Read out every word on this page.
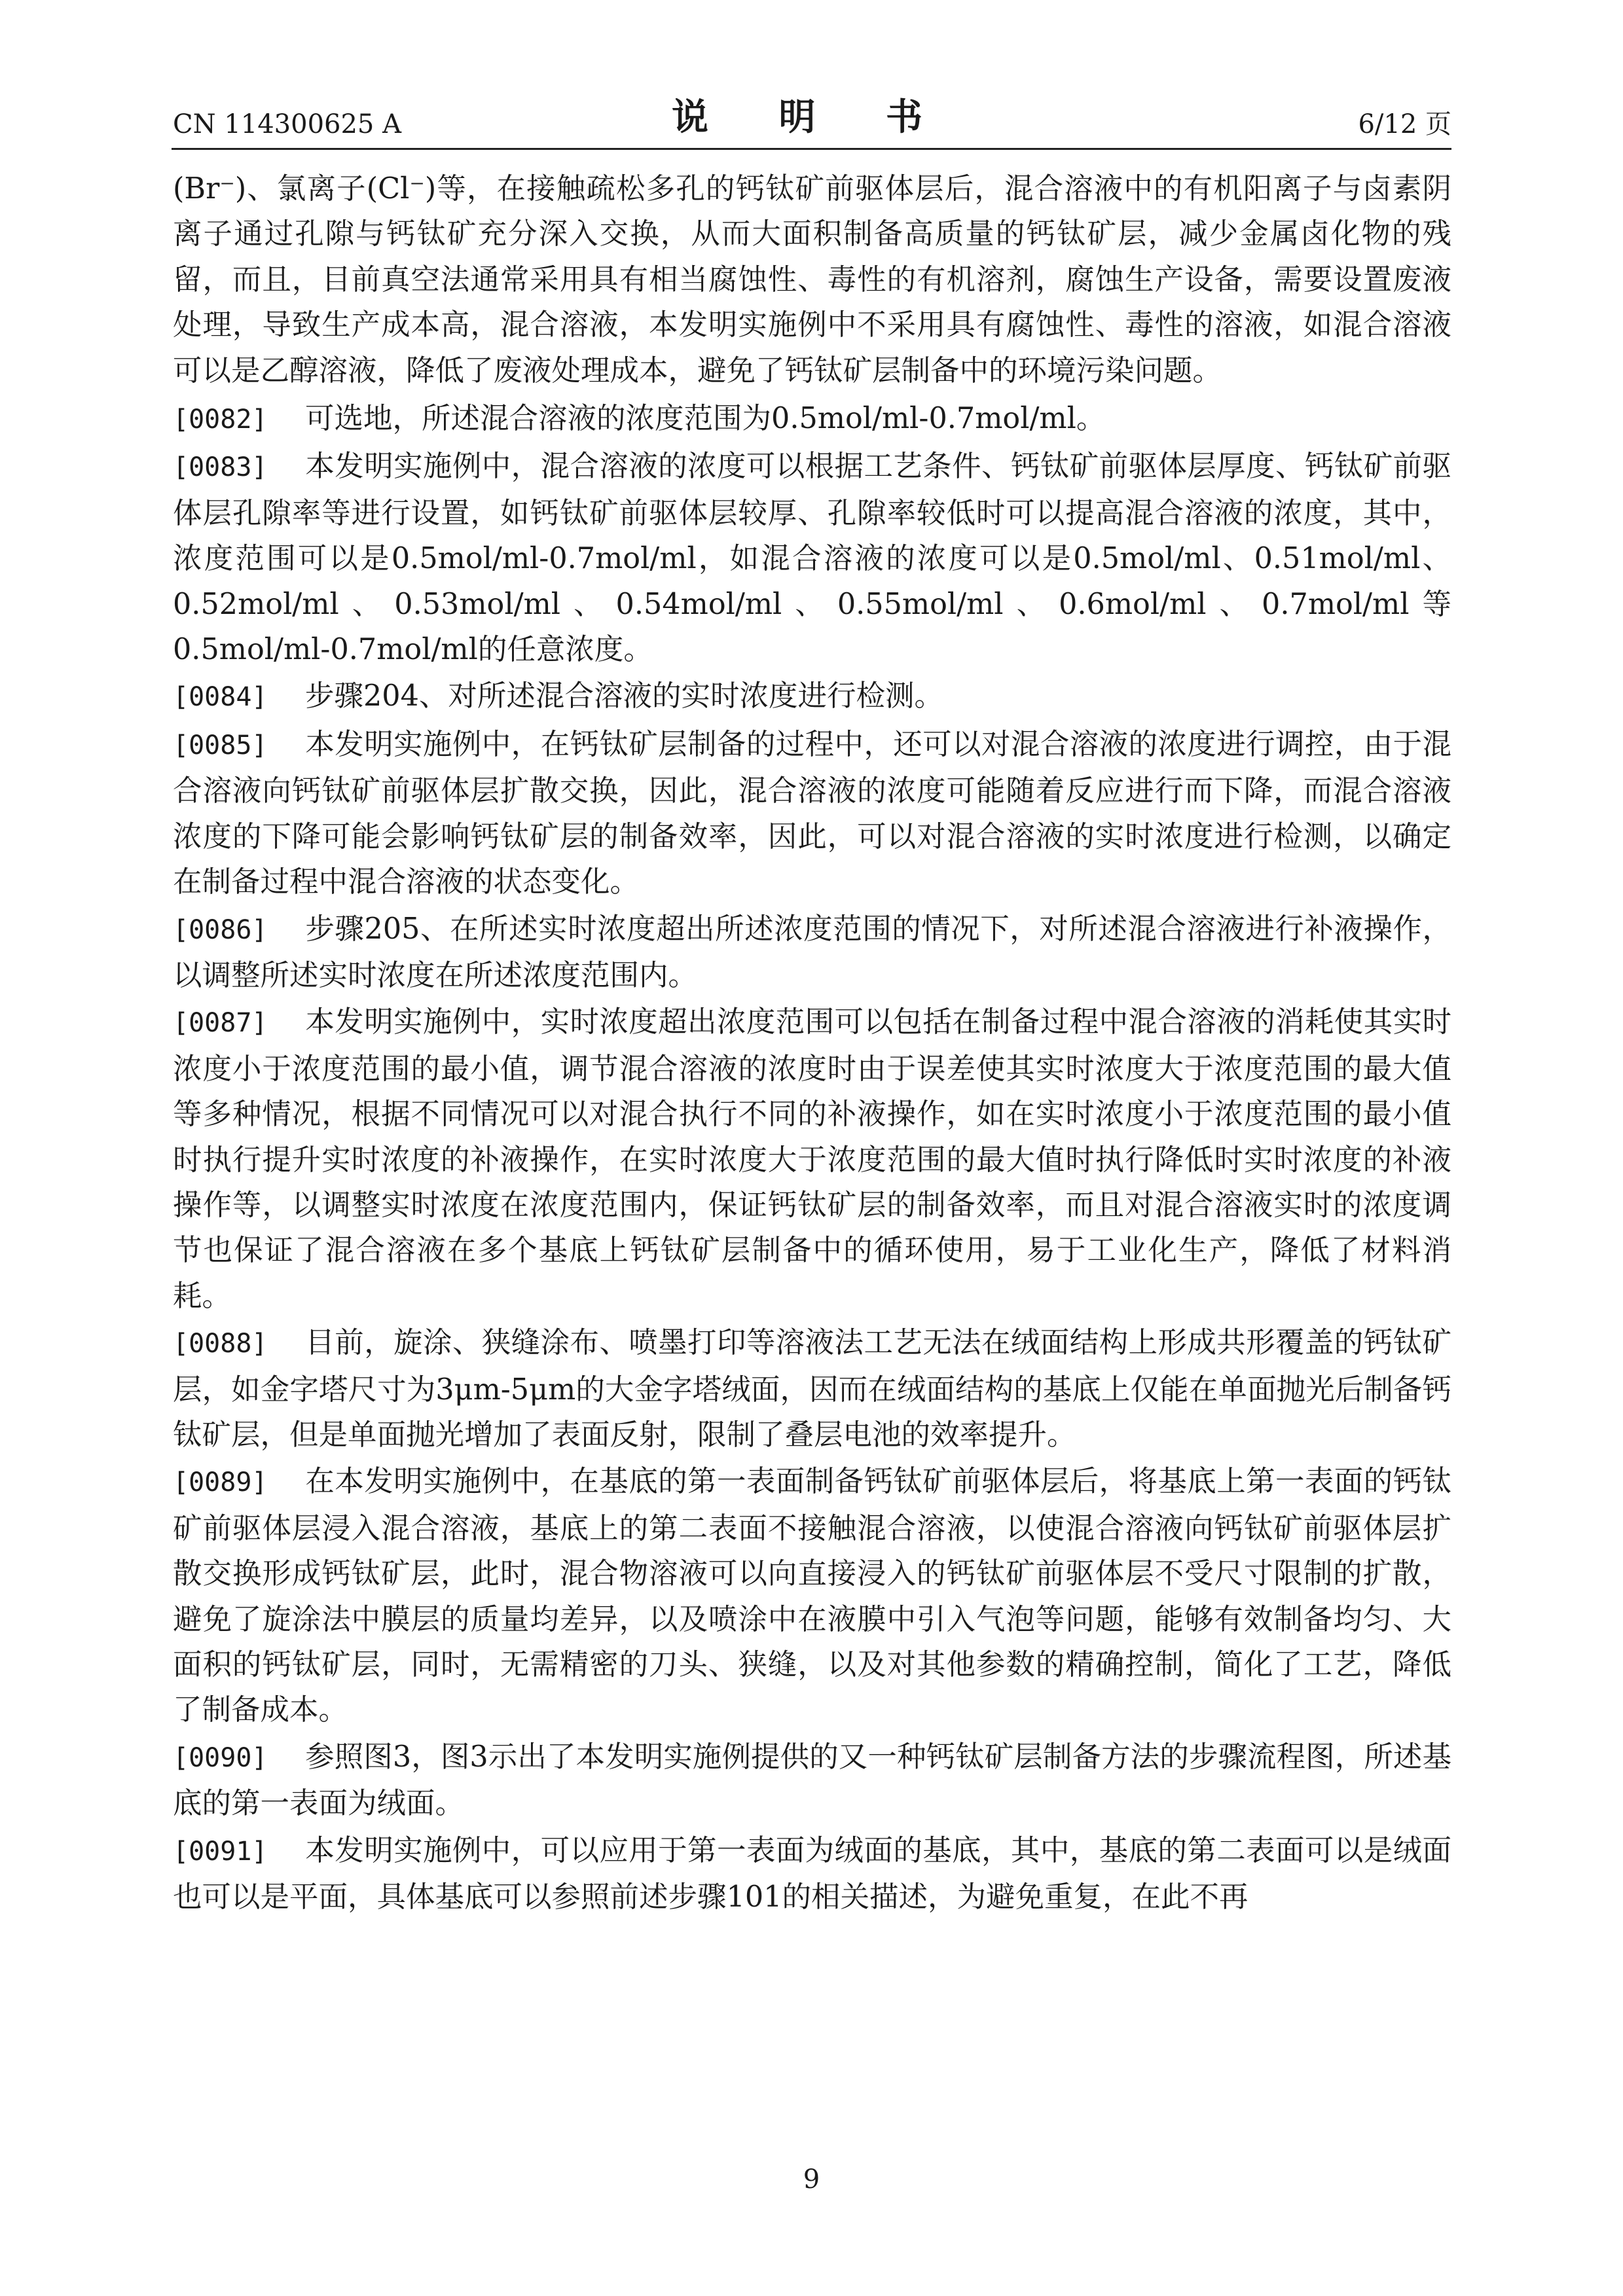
CN 114300625 A	说 明 书	6/12 页

(Br⁻)、氯离子(Cl⁻)等，在接触疏松多孔的钙钛矿前驱体层后，混合溶液中的有机阳离子与卤素阴离子通过孔隙与钙钛矿充分深入交换，从而大面积制备高质量的钙钛矿层，减少金属卤化物的残留，而且，目前真空法通常采用具有相当腐蚀性、毒性的有机溶剂，腐蚀生产设备，需要设置废液处理，导致生产成本高，混合溶液，本发明实施例中不采用具有腐蚀性、毒性的溶液，如混合溶液可以是乙醇溶液，降低了废液处理成本，避免了钙钛矿层制备中的环境污染问题。

[0082] 可选地，所述混合溶液的浓度范围为0.5mol/ml-0.7mol/ml。

[0083] 本发明实施例中，混合溶液的浓度可以根据工艺条件、钙钛矿前驱体层厚度、钙钛矿前驱体层孔隙率等进行设置，如钙钛矿前驱体层较厚、孔隙率较低时可以提高混合溶液的浓度，其中，浓度范围可以是0.5mol/ml-0.7mol/ml，如混合溶液的浓度可以是0.5mol/ml、0.51mol/ml、0.52mol/ml、0.53mol/ml、0.54mol/ml、0.55mol/ml、0.6mol/ml、0.7mol/ml等0.5mol/ml-0.7mol/ml的任意浓度。

[0084] 步骤204、对所述混合溶液的实时浓度进行检测。

[0085] 本发明实施例中，在钙钛矿层制备的过程中，还可以对混合溶液的浓度进行调控，由于混合溶液向钙钛矿前驱体层扩散交换，因此，混合溶液的浓度可能随着反应进行而下降，而混合溶液浓度的下降可能会影响钙钛矿层的制备效率，因此，可以对混合溶液的实时浓度进行检测，以确定在制备过程中混合溶液的状态变化。

[0086] 步骤205、在所述实时浓度超出所述浓度范围的情况下，对所述混合溶液进行补液操作，以调整所述实时浓度在所述浓度范围内。

[0087] 本发明实施例中，实时浓度超出浓度范围可以包括在制备过程中混合溶液的消耗使其实时浓度小于浓度范围的最小值，调节混合溶液的浓度时由于误差使其实时浓度大于浓度范围的最大值等多种情况，根据不同情况可以对混合执行不同的补液操作，如在实时浓度小于浓度范围的最小值时执行提升实时浓度的补液操作，在实时浓度大于浓度范围的最大值时执行降低时实时浓度的补液操作等，以调整实时浓度在浓度范围内，保证钙钛矿层的制备效率，而且对混合溶液实时的浓度调节也保证了混合溶液在多个基底上钙钛矿层制备中的循环使用，易于工业化生产，降低了材料消耗。

[0088] 目前，旋涂、狭缝涂布、喷墨打印等溶液法工艺无法在绒面结构上形成共形覆盖的钙钛矿层，如金字塔尺寸为3μm-5μm的大金字塔绒面，因而在绒面结构的基底上仅能在单面抛光后制备钙钛矿层，但是单面抛光增加了表面反射，限制了叠层电池的效率提升。

[0089] 在本发明实施例中，在基底的第一表面制备钙钛矿前驱体层后，将基底上第一表面的钙钛矿前驱体层浸入混合溶液，基底上的第二表面不接触混合溶液，以使混合溶液向钙钛矿前驱体层扩散交换形成钙钛矿层，此时，混合物溶液可以向直接浸入的钙钛矿前驱体层不受尺寸限制的扩散，避免了旋涂法中膜层的质量均差异，以及喷涂中在液膜中引入气泡等问题，能够有效制备均匀、大面积的钙钛矿层，同时，无需精密的刀头、狭缝，以及对其他参数的精确控制，简化了工艺，降低了制备成本。

[0090] 参照图3，图3示出了本发明实施例提供的又一种钙钛矿层制备方法的步骤流程图，所述基底的第一表面为绒面。

[0091] 本发明实施例中，可以应用于第一表面为绒面的基底，其中，基底的第二表面可以是绒面也可以是平面，具体基底可以参照前述步骤101的相关描述，为避免重复，在此不再

9
